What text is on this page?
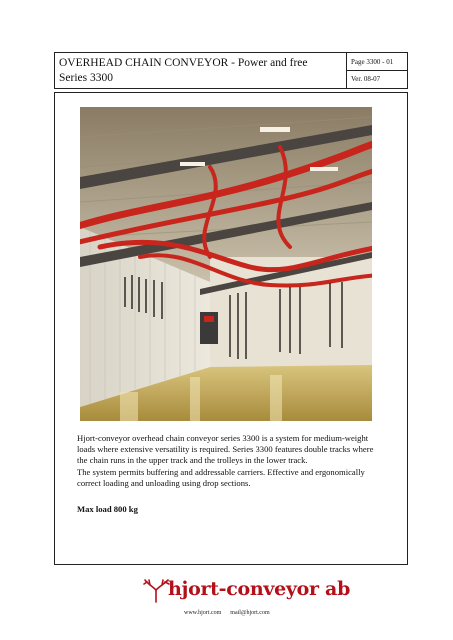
OVERHEAD CHAIN CONVEYOR - Power and free
Series 3300
Page 3300 - 01
Ver. 08-07

Hjort-conveyor overhead chain conveyor series 3300 is a system for medium-weight

loads where extensive versatility is required. Series 3300 features double tracks where

the chain runs in the upper track and the trolleys in the lower track.

The system permits buffering and addressable carriers. Effective and ergonomically

correct loading and unloading using drop sections.

Max load 800 kg
hjort-conveyor ab
www.hjort.com mail@hjort.com
